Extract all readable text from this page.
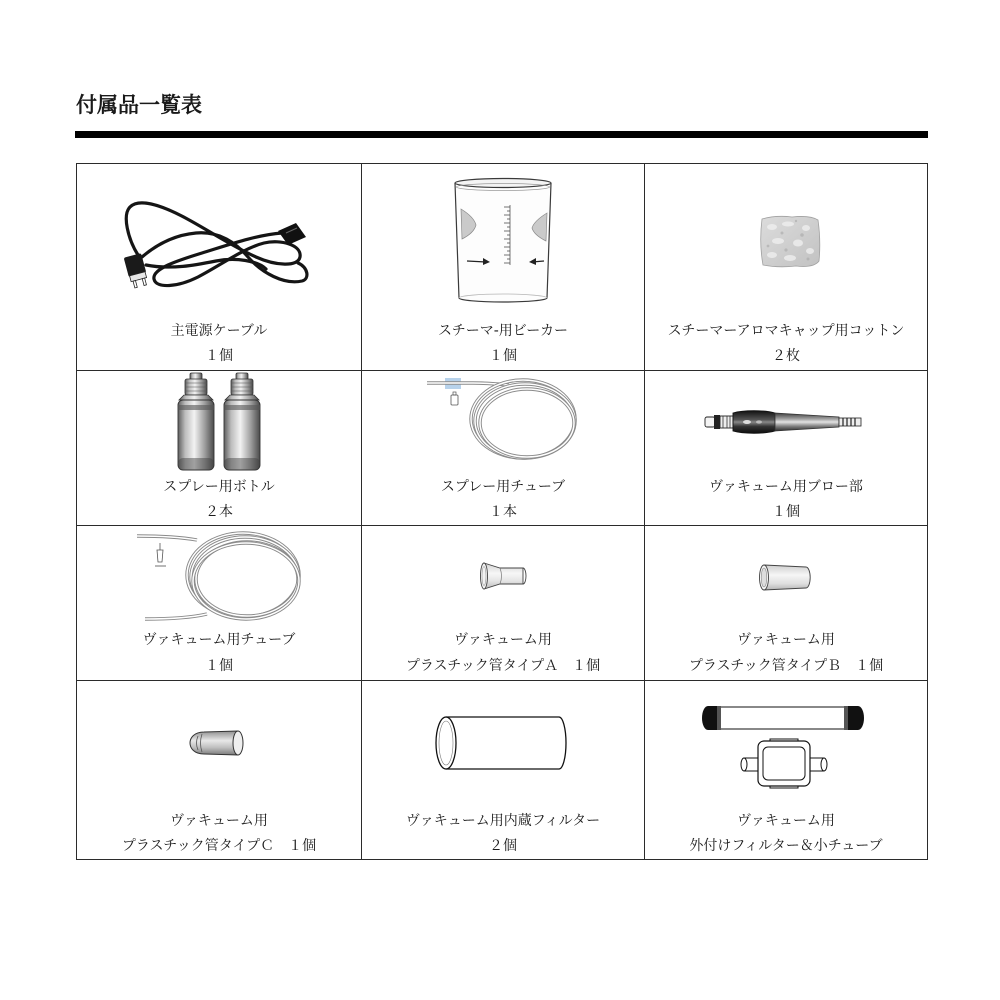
付属品一覧表
主電源ケーブル
１個
スチーマ-用ビーカー
１個
スチーマーアロマキャップ用コットン
２枚
スプレー用ボトル
２本
スプレー用チューブ
１本
ヴァキューム用ブロー部
１個
ヴァキューム用チューブ
１個
ヴァキューム用
プラスチック管タイプＡ　１個
ヴァキューム用
プラスチック管タイプＢ　１個
ヴァキューム用
プラスチック管タイプＣ　１個
ヴァキューム用内蔵フィルター
２個
ヴァキューム用
外付けフィルター＆小チューブ
